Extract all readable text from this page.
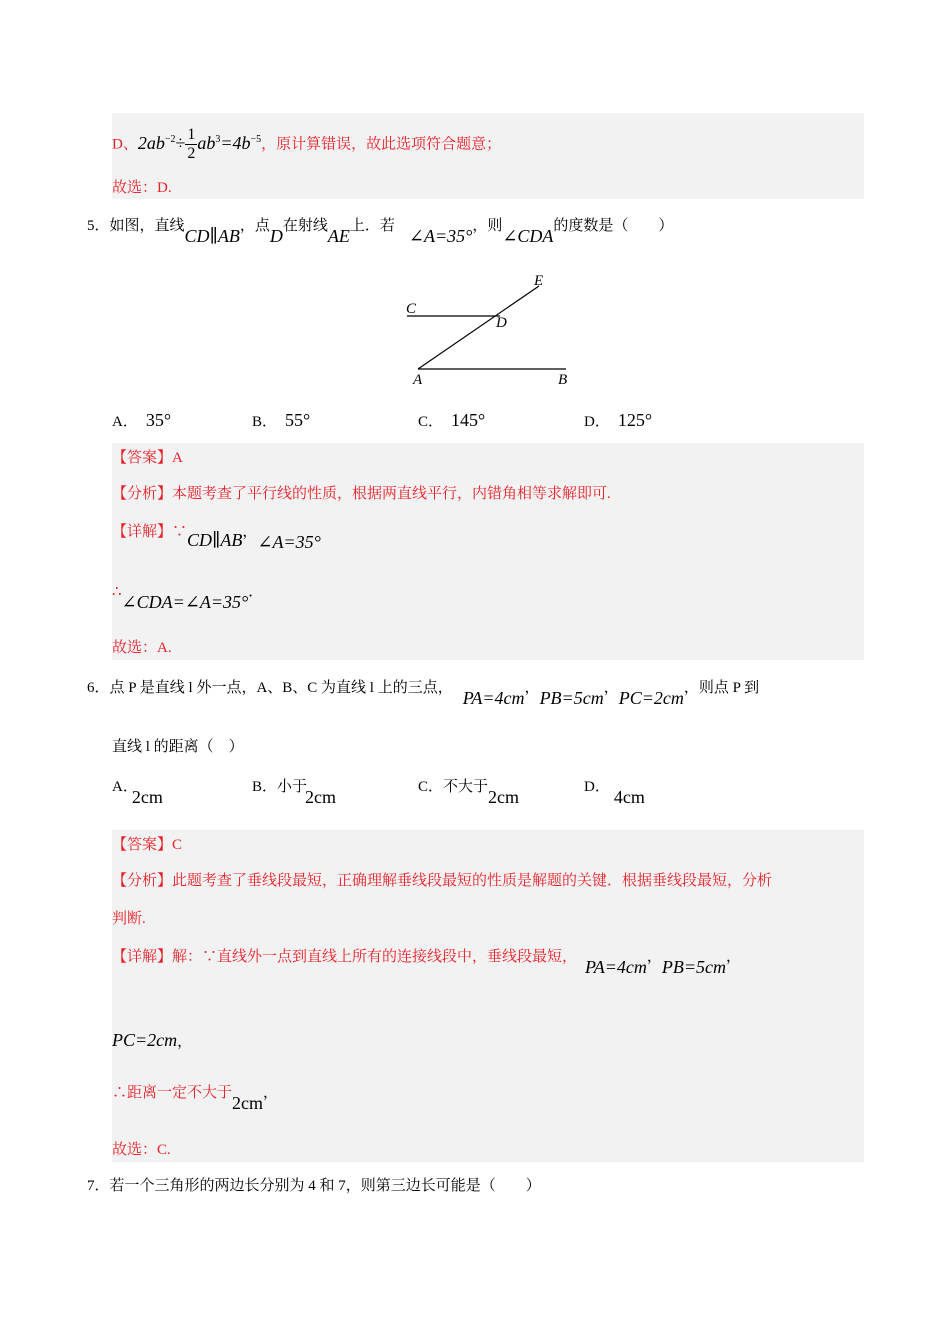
D、$2ab^{-2}\div \frac{1}{2} ab^3=4b^{-5}$，原计算错误，故此选项符合题意；
故选：D.
5．如图，直线CD∥AB，点D在射线AE上．若 ∠A=35°，则∠CDA的度数是（　　）
C
D
E
A	B
A． 35°	B． 55°	C． 145°	D． 125°
【答案】A
【分析】本题考查了平行线的性质，根据两直线平行，内错角相等求解即可.
【详解】∵CD∥AB，∠A=35°
∴∠CDA=∠A=35°．
故选：A.
6．点 P 是直线 l 外一点，A、B、C 为直线 l 上的三点， PA=4cm，PB=5cm，PC=2cm，则点 P 到
直线 l 的距离（　）
A．2cm	B．小于2cm	C．不大于2cm	D． 4cm
【答案】C
【分析】此题考查了垂线段最短，正确理解垂线段最短的性质是解题的关键．根据垂线段最短，分析
判断.
【详解】解：∵直线外一点到直线上所有的连接线段中，垂线段最短， PA=4cm，PB=5cm，
PC=2cm，
∴距离一定不大于2cm，
故选：C.
7．若一个三角形的两边长分别为 4 和 7，则第三边长可能是（　　）
